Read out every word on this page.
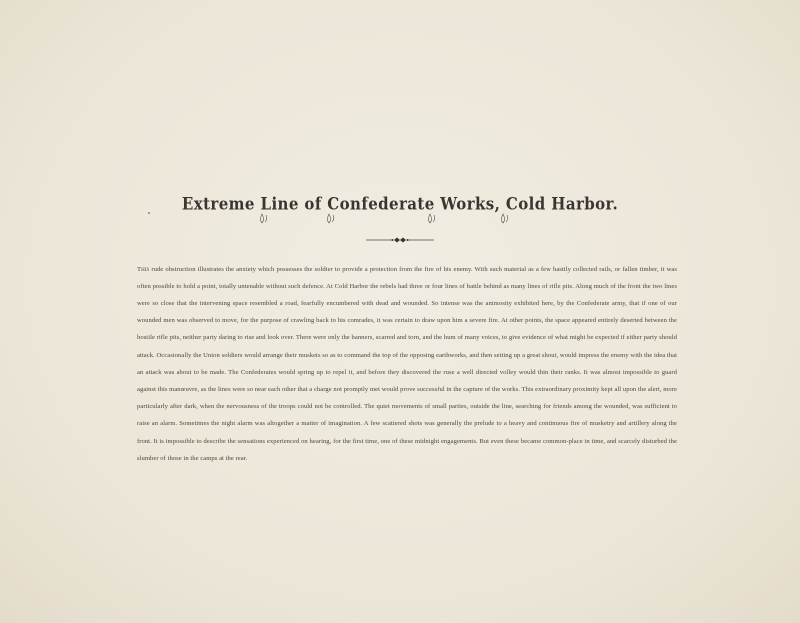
Extreme Line of Confederate Works, Cold Harbor.

This rude obstruction illustrates the anxiety which possesses the soldier to provide a protection from the fire of his enemy. With such material as a few hastily collected rails, or fallen timber, it was often possible to hold a point, totally untenable without such defence. At Cold Harbor the rebels had three or four lines of battle behind as many lines of rifle pits. Along much of the front the two lines were so close that the intervening space resembled a road, fearfully encumbered with dead and wounded. So intense was the animosity exhibited here, by the Confederate army, that if one of our wounded men was observed to move, for the purpose of crawling back to his comrades, it was certain to draw upon him a severe fire. At other points, the space appeared entirely deserted between the hostile rifle pits, neither party daring to rise and look over. There were only the banners, scarred and torn, and the hum of many voices, to give evidence of what might be expected if either party should attack. Occasionally the Union soldiers would arrange their muskets so as to command the top of the opposing earthworks, and then setting up a great shout, would impress the enemy with the idea that an attack was about to be made. The Confederates would spring up to repel it, and before they discovered the ruse a well directed volley would thin their ranks. It was almost impossible to guard against this manœuvre, as the lines were so near each other that a charge not promptly met would prove successful in the capture of the works. This extraordinary proximity kept all upon the alert, more particularly after dark, when the nervousness of the troops could not be controlled. The quiet movements of small parties, outside the line, searching for friends among the wounded, was sufficient to raise an alarm. Sometimes the night alarm was altogether a matter of imagination. A few scattered shots was generally the prelude to a heavy and continuous fire of musketry and artillery along the front. It is impossible to describe the sensations experienced on hearing, for the first time, one of these midnight engagements. But even these became common-place in time, and scarcely disturbed the slumber of those in the camps at the rear.
